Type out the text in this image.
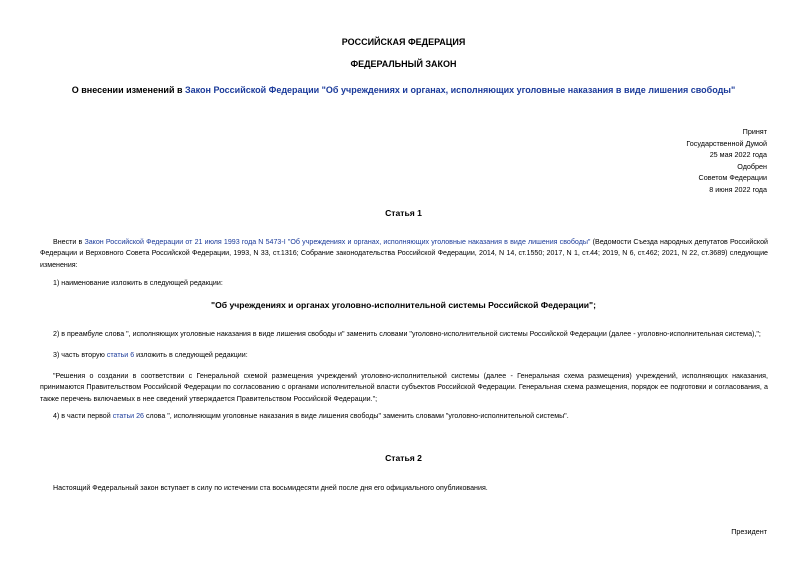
РОССИЙСКАЯ ФЕДЕРАЦИЯ
ФЕДЕРАЛЬНЫЙ ЗАКОН
О внесении изменений в Закон Российской Федерации "Об учреждениях и органах, исполняющих уголовные наказания в виде лишения свободы"
Принят
Государственной Думой
25 мая 2022 года
Одобрен
Советом Федерации
8 июня 2022 года
Статья 1
Внести в Закон Российской Федерации от 21 июля 1993 года N 5473-I "Об учреждениях и органах, исполняющих уголовные наказания в виде лишения свободы" (Ведомости Съезда народных депутатов Российской Федерации и Верховного Совета Российской Федерации, 1993, N 33, ст.1316; Собрание законодательства Российской Федерации, 2014, N 14, ст.1550; 2017, N 1, ст.44; 2019, N 6, ст.462; 2021, N 22, ст.3689) следующие изменения:
1) наименование изложить в следующей редакции:
"Об учреждениях и органах уголовно-исполнительной системы Российской Федерации";
2) в преамбуле слова ", исполняющих уголовные наказания в виде лишения свободы и" заменить словами "уголовно-исполнительной системы Российской Федерации (далее - уголовно-исполнительная система),";
3) часть вторую статьи 6 изложить в следующей редакции:
"Решения о создании в соответствии с Генеральной схемой размещения учреждений уголовно-исполнительной системы (далее - Генеральная схема размещения) учреждений, исполняющих наказания, принимаются Правительством Российской Федерации по согласованию с органами исполнительной власти субъектов Российской Федерации. Генеральная схема размещения, порядок ее подготовки и согласования, а также перечень включаемых в нее сведений утверждается Правительством Российской Федерации.";
4) в части первой статьи 26 слова ", исполняющим уголовные наказания в виде лишения свободы" заменить словами "уголовно-исполнительной системы".
Статья 2
Настоящий Федеральный закон вступает в силу по истечении ста восьмидесяти дней после дня его официального опубликования.
Президент
